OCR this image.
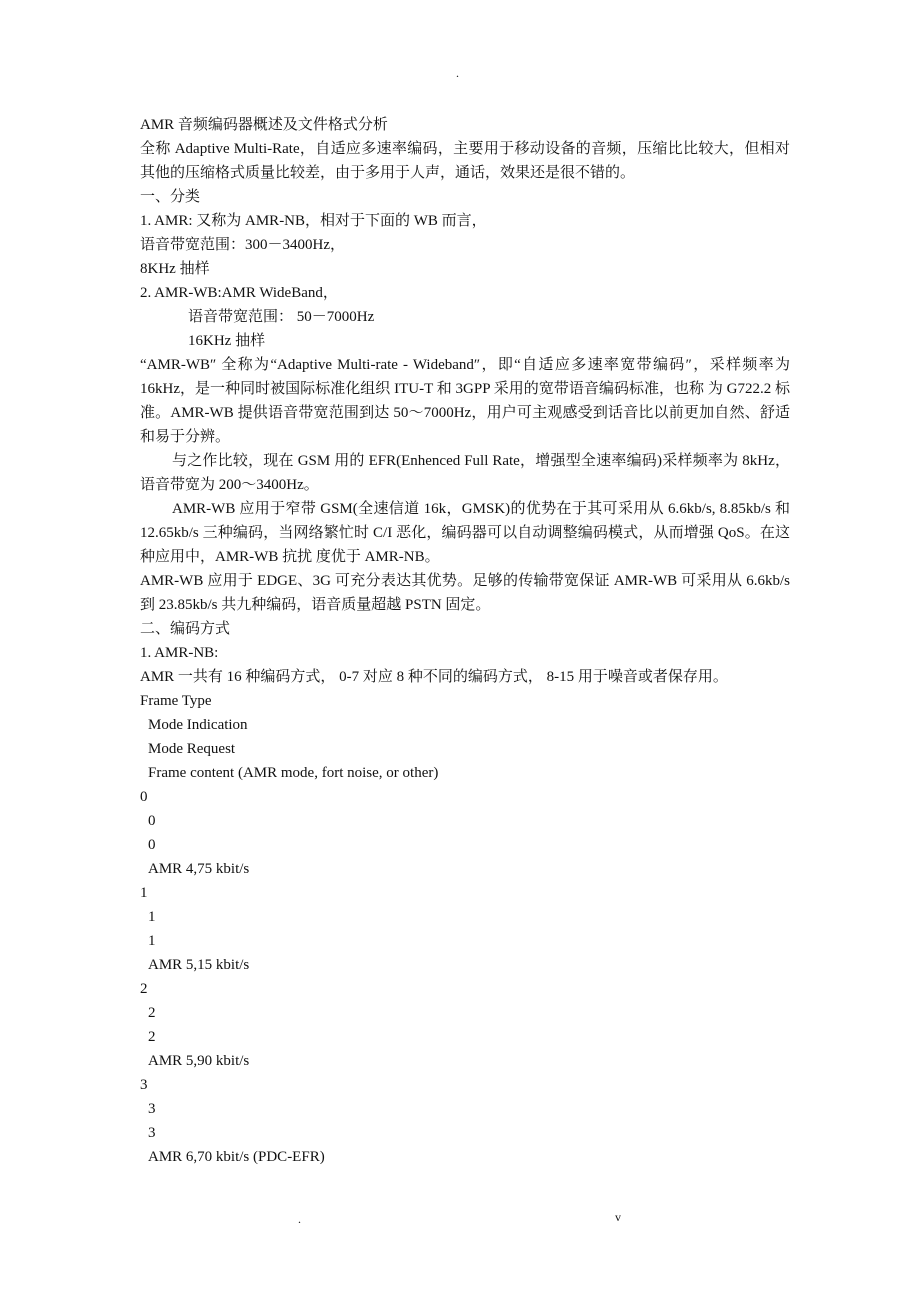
.
AMR 音频编码器概述及文件格式分析
全称 Adaptive Multi-Rate，自适应多速率编码，主要用于移动设备的音频，压缩比比较大，但相对其他的压缩格式质量比较差，由于多用于人声，通话，效果还是很不错的。
一、分类
1. AMR: 又称为 AMR-NB，相对于下面的 WB 而言，
语音带宽范围：300－3400Hz，
8KHz 抽样
2. AMR-WB:AMR WideBand，
语音带宽范围： 50－7000Hz
16KHz 抽样
“AMR-WB″ 全称为“Adaptive Multi-rate - Wideband″，即“自适应多速率宽带编码″，采样频率为 16kHz，是一种同时被国际标准化组织 ITU-T 和 3GPP 采用的宽带语音编码标准，也称 为 G722.2 标准。AMR-WB 提供语音带宽范围到达 50～7000Hz，用户可主观感受到话音比以前更加自然、舒适和易于分辨。
与之作比较，现在 GSM 用的 EFR(Enhenced Full Rate，增强型全速率编码)采样频率为 8kHz，语音带宽为 200～3400Hz。
AMR-WB 应用于窄带 GSM(全速信道 16k，GMSK)的优势在于其可采用从 6.6kb/s, 8.85kb/s 和 12.65kb/s 三种编码，当网络繁忙时 C/I 恶化，编码器可以自动调整编码模式，从而增强 QoS。在这种应用中，AMR-WB 抗扰 度优于 AMR-NB。
AMR-WB 应用于 EDGE、3G 可充分表达其优势。足够的传输带宽保证 AMR-WB 可采用从 6.6kb/s 到 23.85kb/s 共九种编码，语音质量超越 PSTN 固定。
二、编码方式
1. AMR-NB:
AMR 一共有 16 种编码方式， 0-7 对应 8 种不同的编码方式， 8-15 用于噪音或者保存用。
Frame Type
Mode Indication
Mode Request
Frame content (AMR mode, fort noise, or other)
0
0
0
AMR 4,75 kbit/s
1
1
1
AMR 5,15 kbit/s
2
2
2
AMR 5,90 kbit/s
3
3
3
AMR 6,70 kbit/s (PDC-EFR)
.	v
